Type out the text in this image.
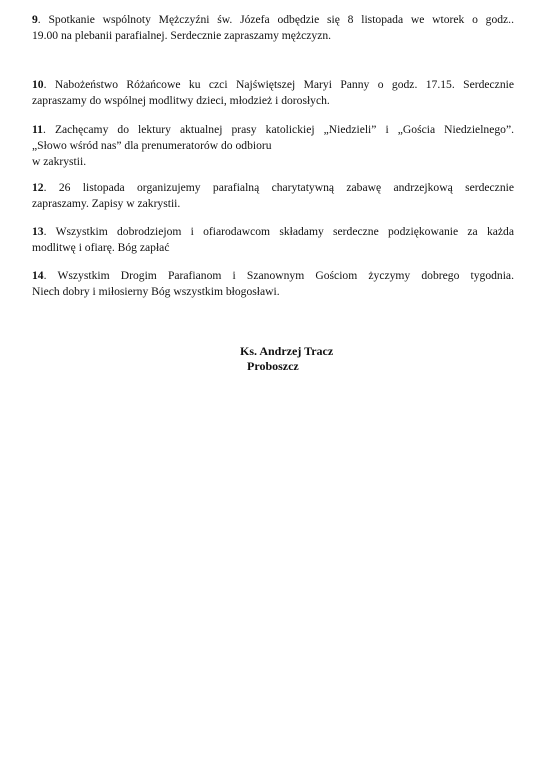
9. Spotkanie wspólnoty Mężczyźni św. Józefa odbędzie się 8 listopada we wtorek o godz..
19.00 na plebanii parafialnej. Serdecznie zapraszamy mężczyzn.

10. Nabożeństwo Różańcowe ku czci Najświętszej Maryi Panny o godz. 17.15. Serdecznie
zapraszamy do wspólnej modlitwy dzieci, młodzież i dorosłych.

11. Zachęcamy do lektury aktualnej prasy katolickiej „Niedzieli” i „Gościa Niedzielnego”.
„Słowo wśród nas” dla prenumeratorów do odbioru
w zakrystii.

12. 26 listopada organizujemy parafialną charytatywną zabawę andrzejkową serdecznie
zapraszamy. Zapisy w zakrystii.

13. Wszystkim dobrodziejom i ofiarodawcom składamy serdeczne podziękowanie za każda
modlitwę i ofiarę. Bóg zapłać

14. Wszystkim Drogim Parafianom i Szanownym Gościom życzymy dobrego tygodnia.
Niech dobry i miłosierny Bóg wszystkim błogosławi.

Ks. Andrzej Tracz
Proboszcz
